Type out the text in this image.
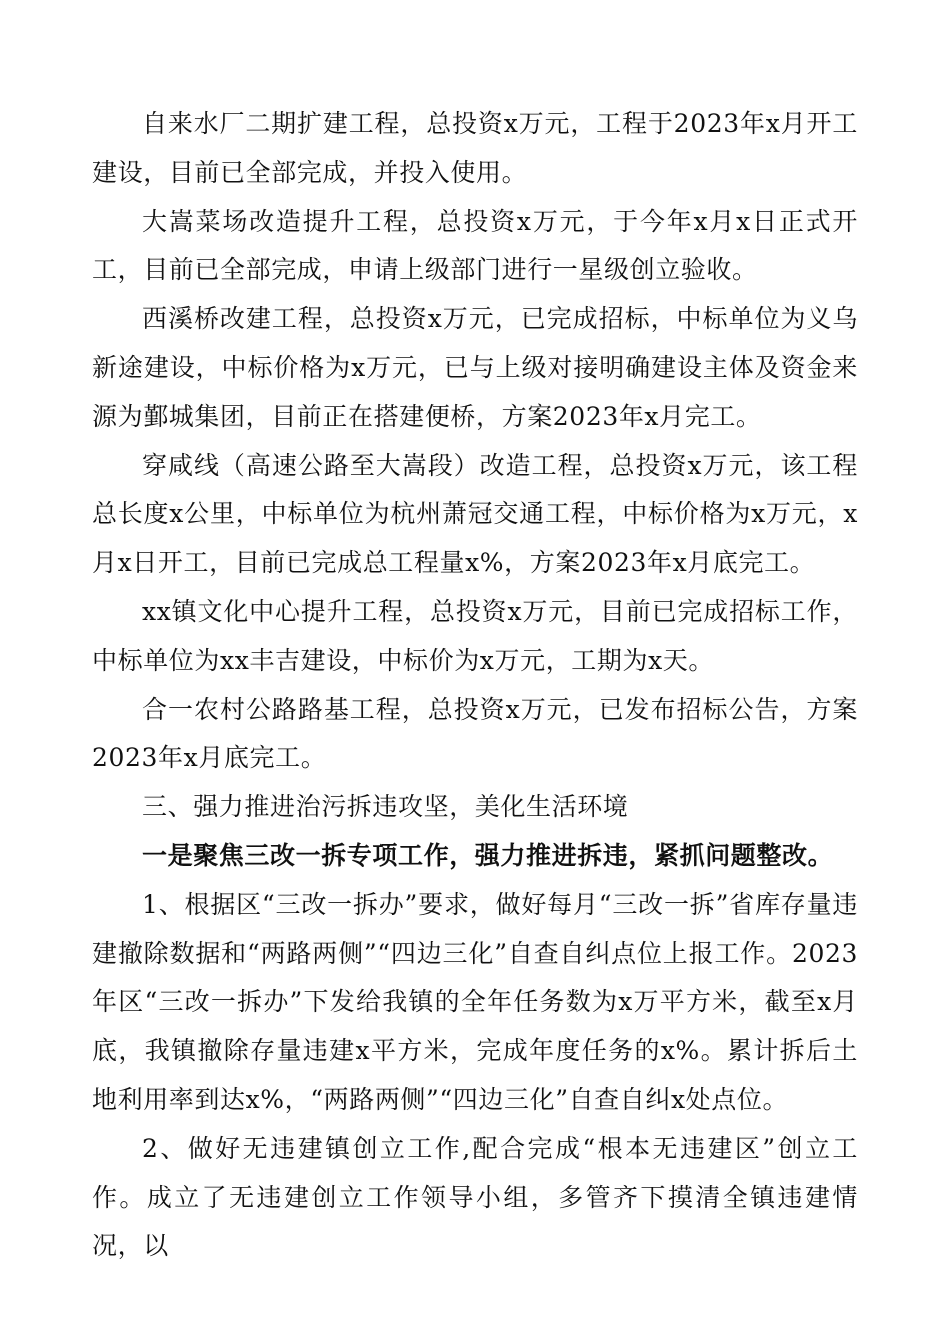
自来水厂二期扩建工程，总投资x万元，工程于2023年x月开工建设，目前已全部完成，并投入使用。

大嵩菜场改造提升工程，总投资x万元，于今年x月x日正式开工，目前已全部完成，申请上级部门进行一星级创立验收。

西溪桥改建工程，总投资x万元，已完成招标，中标单位为义乌新途建设，中标价格为x万元，已与上级对接明确建设主体及资金来源为鄞城集团，目前正在搭建便桥，方案2023年x月完工。

穿咸线（高速公路至大嵩段）改造工程，总投资x万元，该工程总长度x公里，中标单位为杭州萧冠交通工程，中标价格为x万元，x月x日开工，目前已完成总工程量x%，方案2023年x月底完工。

xx镇文化中心提升工程，总投资x万元，目前已完成招标工作，中标单位为xx丰吉建设，中标价为x万元，工期为x天。

合一农村公路路基工程，总投资x万元，已发布招标公告，方案2023年x月底完工。

三、强力推进治污拆违攻坚，美化生活环境

一是聚焦三改一拆专项工作，强力推进拆违，紧抓问题整改。

1、根据区“三改一拆办”要求，做好每月“三改一拆”省库存量违建撤除数据和“两路两侧”“四边三化”自查自纠点位上报工作。2023年区“三改一拆办”下发给我镇的全年任务数为x万平方米，截至x月底，我镇撤除存量违建x平方米，完成年度任务的x%。累计拆后土地利用率到达x%，“两路两侧”“四边三化”自查自纠x处点位。

2、做好无违建镇创立工作,配合完成“根本无违建区”创立工作。成立了无违建创立工作领导小组，多管齐下摸清全镇违建情况，以
